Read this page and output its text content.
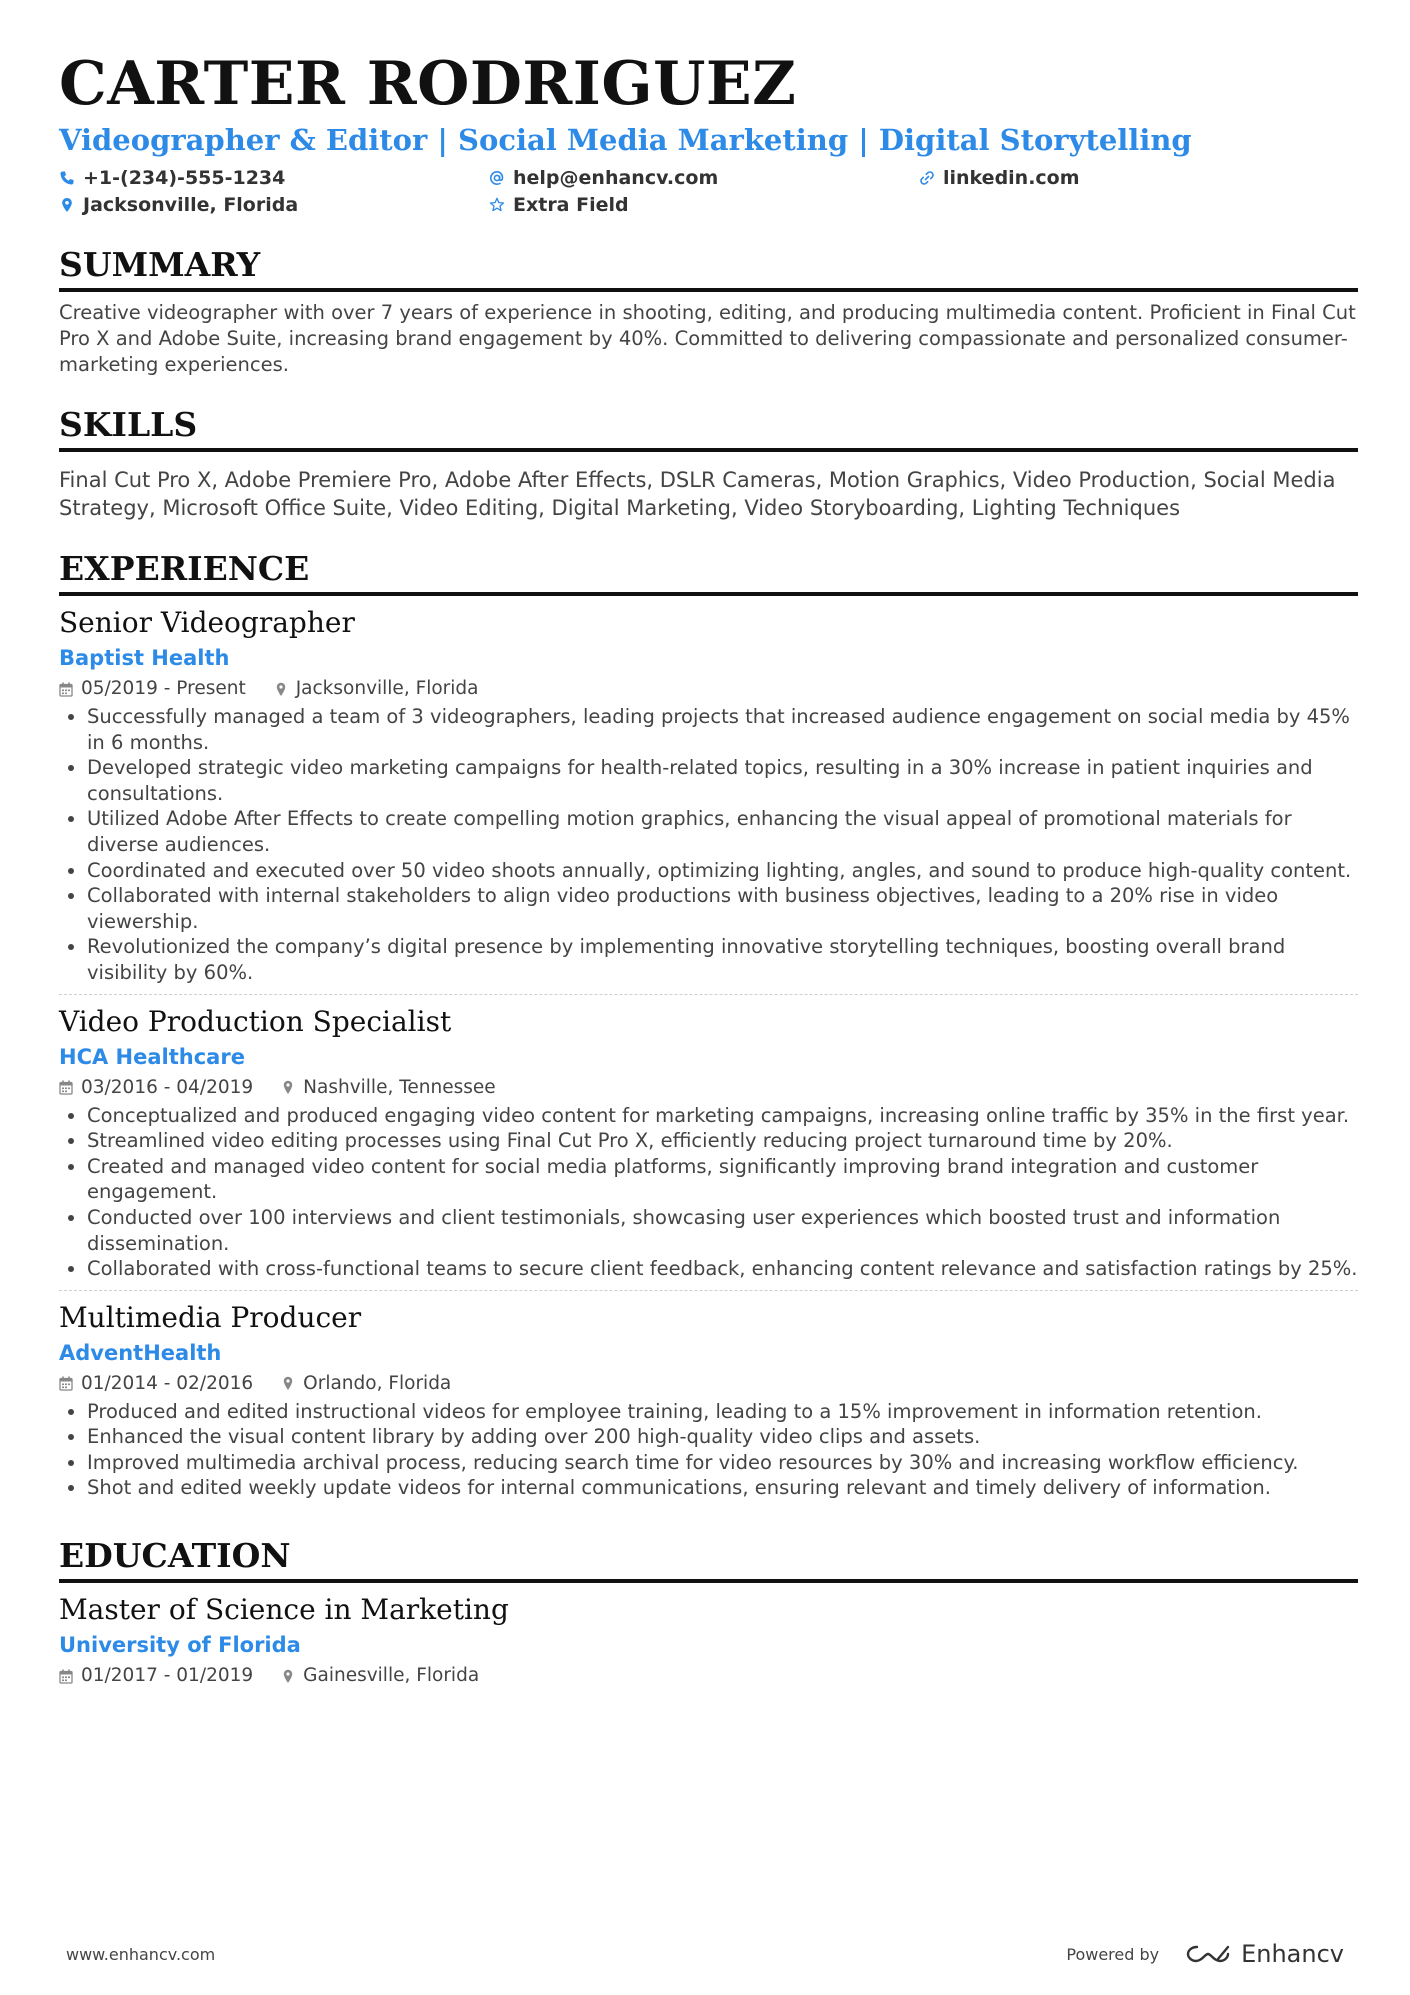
CARTER RODRIGUEZ
Videographer & Editor | Social Media Marketing | Digital Storytelling
+1-(234)-555-1234	help@enhancv.com	linkedin.com
Jacksonville, Florida	Extra Field
SUMMARY
Creative videographer with over 7 years of experience in shooting, editing, and producing multimedia content. Proficient in Final Cut Pro X and Adobe Suite, increasing brand engagement by 40%. Committed to delivering compassionate and personalized consumer-marketing experiences.
SKILLS
Final Cut Pro X, Adobe Premiere Pro, Adobe After Effects, DSLR Cameras, Motion Graphics, Video Production, Social Media Strategy, Microsoft Office Suite, Video Editing, Digital Marketing, Video Storyboarding, Lighting Techniques
EXPERIENCE
Senior Videographer
Baptist Health
05/2019 - Present	Jacksonville, Florida
• Successfully managed a team of 3 videographers, leading projects that increased audience engagement on social media by 45% in 6 months.
• Developed strategic video marketing campaigns for health-related topics, resulting in a 30% increase in patient inquiries and consultations.
• Utilized Adobe After Effects to create compelling motion graphics, enhancing the visual appeal of promotional materials for diverse audiences.
• Coordinated and executed over 50 video shoots annually, optimizing lighting, angles, and sound to produce high-quality content.
• Collaborated with internal stakeholders to align video productions with business objectives, leading to a 20% rise in video viewership.
• Revolutionized the company’s digital presence by implementing innovative storytelling techniques, boosting overall brand visibility by 60%.
Video Production Specialist
HCA Healthcare
03/2016 - 04/2019	Nashville, Tennessee
• Conceptualized and produced engaging video content for marketing campaigns, increasing online traffic by 35% in the first year.
• Streamlined video editing processes using Final Cut Pro X, efficiently reducing project turnaround time by 20%.
• Created and managed video content for social media platforms, significantly improving brand integration and customer engagement.
• Conducted over 100 interviews and client testimonials, showcasing user experiences which boosted trust and information dissemination.
• Collaborated with cross-functional teams to secure client feedback, enhancing content relevance and satisfaction ratings by 25%.
Multimedia Producer
AdventHealth
01/2014 - 02/2016	Orlando, Florida
• Produced and edited instructional videos for employee training, leading to a 15% improvement in information retention.
• Enhanced the visual content library by adding over 200 high-quality video clips and assets.
• Improved multimedia archival process, reducing search time for video resources by 30% and increasing workflow efficiency.
• Shot and edited weekly update videos for internal communications, ensuring relevant and timely delivery of information.
EDUCATION
Master of Science in Marketing
University of Florida
01/2017 - 01/2019	Gainesville, Florida
www.enhancv.com	Powered by	Enhancv
